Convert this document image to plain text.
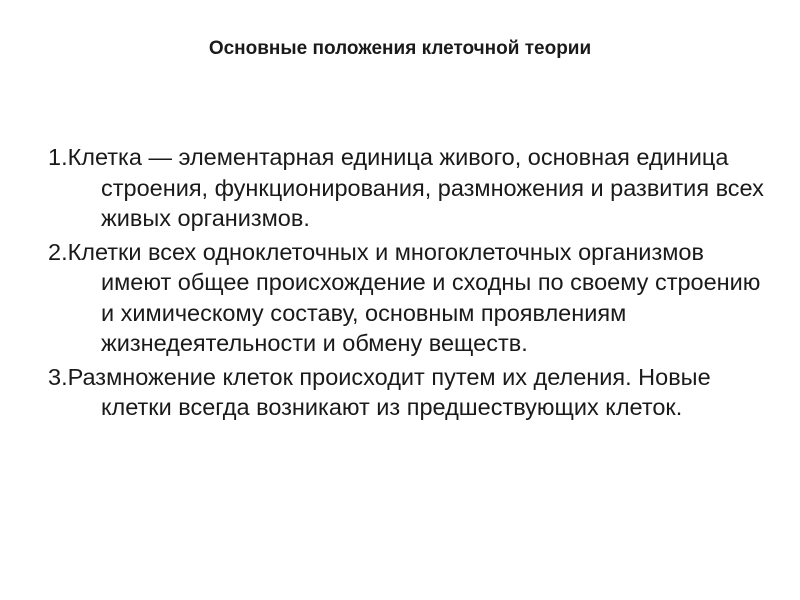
Основные положения клеточной теории
1.Клетка — элементарная единица живого, основная единица строения, функционирования, размножения и развития всех живых организмов.
2.Клетки всех одноклеточных и многоклеточных организмов имеют общее происхождение и сходны по своему строению и химическому составу, основным проявлениям жизнедеятельности и обмену веществ.
3.Размножение клеток происходит путем их деления. Новые клетки всегда возникают из предшествующих клеток.
